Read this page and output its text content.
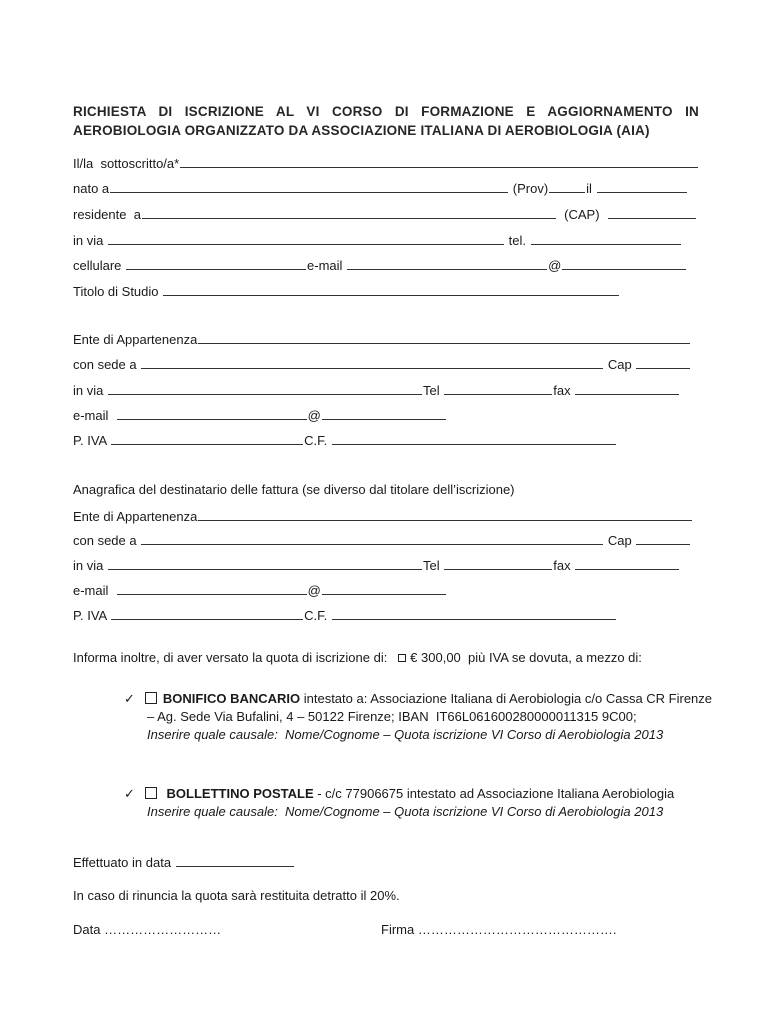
RICHIESTA DI ISCRIZIONE AL VI CORSO DI FORMAZIONE E AGGIORNAMENTO IN AEROBIOLOGIA ORGANIZZATO DA ASSOCIAZIONE ITALIANA DI AEROBIOLOGIA (AIA)
Il/la  sottoscritto/a*
nato a	(Prov)	il
residente  a	(CAP)
in via	tel.
cellulare	e-mail	@
Titolo di Studio
Ente di Appartenenza
con sede a	Cap
in via	Tel	fax
e-mail	@
P. IVA	C.F.
Anagrafica del destinatario delle fattura (se diverso dal titolare dell’iscrizione)
Ente di Appartenenza
con sede a	Cap
in via	Tel	fax
e-mail	@
P. IVA	C.F.
Informa inoltre, di aver versato la quota di iscrizione di: € 300,00  più IVA se dovuta, a mezzo di:
✓ BONIFICO BANCARIO intestato a: Associazione Italiana di Aerobiologia c/o Cassa CR Firenze
– Ag. Sede Via Bufalini, 4 – 50122 Firenze; IBAN  IT66L061600280000011315 9C00;
Inserire quale causale:  Nome/Cognome – Quota iscrizione VI Corso di Aerobiologia 2013
✓ BOLLETTINO POSTALE - c/c 77906675 intestato ad Associazione Italiana Aerobiologia
Inserire quale causale:  Nome/Cognome – Quota iscrizione VI Corso di Aerobiologia 2013
Effettuato in data
In caso di rinuncia la quota sarà restituita detratto il 20%.
Data ………………………	Firma ……………………………………….
